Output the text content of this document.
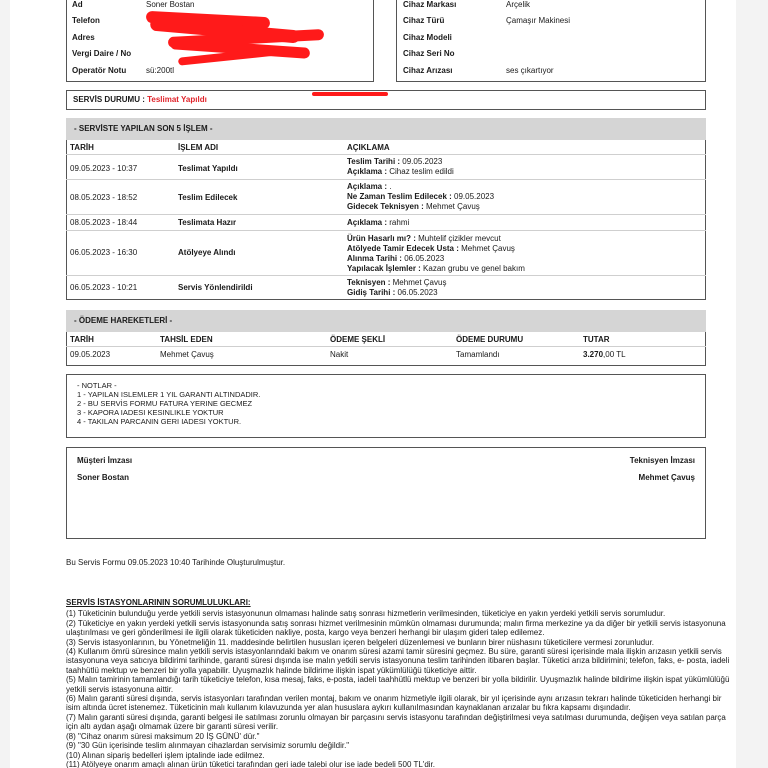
Ad	Soner Bostan
Telefon
Adres
Vergi Daire / No
Operatör Notu sü:200tl
Cihaz Markası	Arçelik
Cihaz Türü	Çamaşır Makinesi
Cihaz Modeli
Cihaz Seri No
Cihaz Arızası	ses çıkartıyor
SERVİS DURUMU : Teslimat Yapıldı
- SERVİSTE YAPILAN SON 5 İŞLEM -
TARİH	İŞLEM ADI	AÇIKLAMA
09.05.2023 - 10:37	Teslimat Yapıldı
Teslim Tarihi : 09.05.2023
Açıklama : Cihaz teslim edildi
08.05.2023 - 18:52	Teslim Edilecek
Açıklama : .
Ne Zaman Teslim Edilecek : 09.05.2023
Gidecek Teknisyen : Mehmet Çavuş
08.05.2023 - 18:44	Teslimata Hazır	Açıklama : rahmi
06.05.2023 - 16:30	Atölyeye Alındı
Ürün Hasarlı mı? : Muhtelif çizikler mevcut
Atölyede Tamir Edecek Usta : Mehmet Çavuş
Alınma Tarihi : 06.05.2023
Yapılacak İşlemler : Kazan grubu ve genel bakım
06.05.2023 - 10:21	Servis Yönlendirildi
Teknisyen : Mehmet Çavuş
Gidiş Tarihi : 06.05.2023
- ÖDEME HAREKETLERİ -
TARİH	TAHSİL EDEN	ÖDEME ŞEKLİ	ÖDEME DURUMU	TUTAR
09.05.2023	Mehmet Çavuş	Nakit	Tamamlandı	3.270,00 TL
- NOTLAR -
1 - YAPILAN ISLEMLER 1 YIL GARANTI ALTINDADIR.
2 - BU SERVİS FORMU FATURA YERINE GECMEZ
3 - KAPORA IADESI KESINLIKLE YOKTUR
4 - TAKILAN PARCANIN GERI IADESI YOKTUR.
Müşteri İmzası
Soner Bostan
Teknisyen İmzası
Mehmet Çavuş
Bu Servis Formu 09.05.2023 10:40 Tarihinde Oluşturulmuştur.
SERVİS İSTASYONLARININ SORUMLULUKLARI:
(1) Tüketicinin bulunduğu yerde yetkili servis istasyonunun olmaması halinde satış sonrası hizmetlerin verilmesinden, tüketiciye en yakın yerdeki yetkili servis sorumludur.
(2) Tüketiciye en yakın yerdeki yetkili servis istasyonunda satış sonrası hizmet verilmesinin mümkün olmaması durumunda; malın firma merkezine ya da diğer bir yetkili servis istasyonuna
ulaştırılması ve geri gönderilmesi ile ilgili olarak tüketiciden nakliye, posta, kargo veya benzeri herhangi bir ulaşım gideri talep edilemez.
(3) Servis istasyonlarının, bu Yönetmeliğin 11. maddesinde belirtilen hususları içeren belgeleri düzenlemesi ve bunların birer nüshasını tüketicilere vermesi zorunludur.
(4) Kullanım ömrü süresince malın yetkili servis istasyonlarındaki bakım ve onarım süresi azami tamir süresini geçmez. Bu süre, garanti süresi içerisinde mala ilişkin arızasın yetkili servis
istasyonuna veya satıcıya bildirimi tarihinde, garanti süresi dışında ise malın yetkili servis istasyonuna teslim tarihinden itibaren başlar. Tüketici arıza bildirimini; telefon, faks, e- posta, iadeli
taahhütlü mektup ve benzeri bir yolla yapabilir. Uyuşmazlık halinde bildirime ilişkin ispat yükümlülüğü tüketiciye aittir.
(5) Malın tamirinin tamamlandığı tarih tüketiciye telefon, kısa mesaj, faks, e-posta, iadeli taahhütlü mektup ve benzeri bir yolla bildirilir. Uyuşmazlık halinde bildirime ilişkin ispat yükümlülüğü
yetkili servis istasyonuna aittir.
(6) Malın garanti süresi dışında, servis istasyonları tarafından verilen montaj, bakım ve onarım hizmetiyle ilgili olarak, bir yıl içerisinde aynı arızasın tekrarı halinde tüketiciden herhangi bir
isim altında ücret istenemez. Tüketicinin malı kullanım kılavuzunda yer alan hususlara aykırı kullanılmasından kaynaklanan arızalar bu fıkra kapsamı dışındadır.
(7) Malın garanti süresi dışında, garanti belgesi ile satılması zorunlu olmayan bir parçasını servis istasyonu tarafından değiştirilmesi veya satılması durumunda, değişen veya satılan parça
için altı aydan aşağı olmamak üzere bir garanti süresi verilir.
(8) "Cihaz onarım süresi maksimum 20 İŞ GÜNÜ' dür."
(9) "30 Gün içerisinde teslim alınmayan cihazlardan servisimiz sorumlu değildir."
(10) Alınan sipariş bedelleri işlem iptalinde iade edilmez.
(11) Atölyeye onarım amaçlı alınan ürün tüketici tarafından geri iade talebi olur ise iade bedeli 500 TL'dir.
